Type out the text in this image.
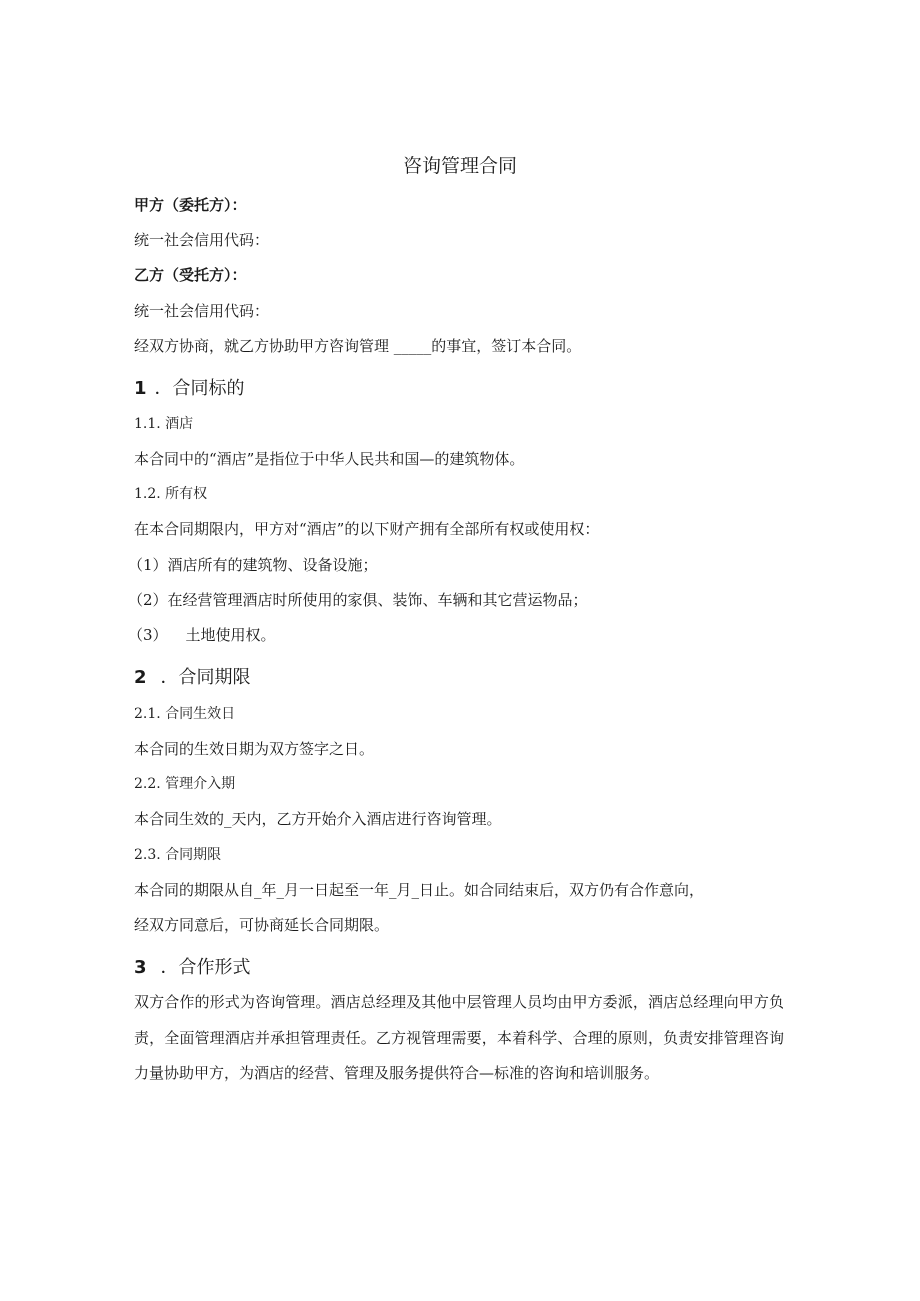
咨询管理合同
甲方（委托方）：
统一社会信用代码：
乙方（受托方）：
统一社会信用代码：
经双方协商，就乙方协助甲方咨询管理 _____的事宜，签订本合同。
1 ．合同标的
1.1. 酒店
本合同中的“酒店”是指位于中华人民共和国—的建筑物体。
1.2. 所有权
在本合同期限内，甲方对“酒店”的以下财产拥有全部所有权或使用权：
（1）酒店所有的建筑物、设备设施；
（2）在经营管理酒店时所使用的家俱、装饰、车辆和其它营运物品；
（3） 土地使用权。
2 ．合同期限
2.1. 合同生效日
本合同的生效日期为双方签字之日。
2.2. 管理介入期
本合同生效的_天内，乙方开始介入酒店进行咨询管理。
2.3. 合同期限
本合同的期限从自_年_月一日起至一年_月_日止。如合同结束后，双方仍有合作意向，
经双方同意后，可协商延长合同期限。
3 ．合作形式
双方合作的形式为咨询管理。酒店总经理及其他中层管理人员均由甲方委派，酒店总经理向甲方负责，全面管理酒店并承担管理责任。乙方视管理需要，本着科学、合理的原则，负责安排管理咨询力量协助甲方，为酒店的经营、管理及服务提供符合—标准的咨询和培训服务。
